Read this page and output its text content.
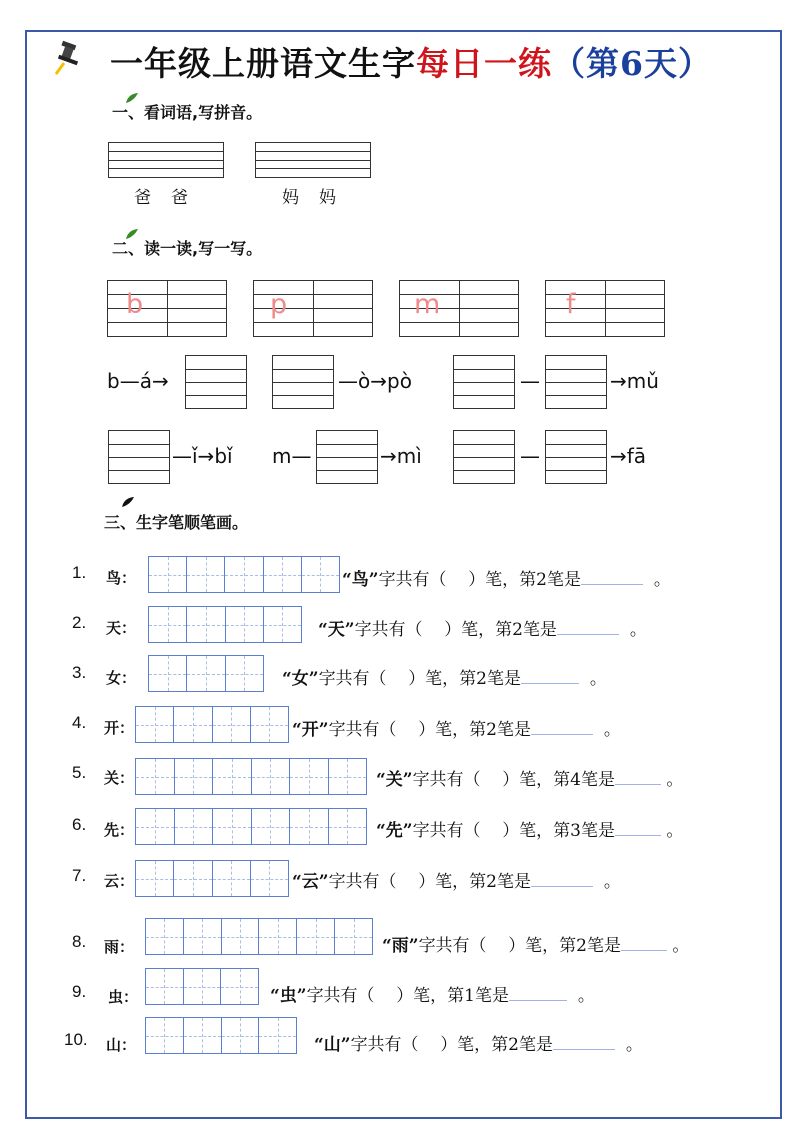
一年级上册语文生字每日一练（第6天）
一、看词语,写拼音。
爸爸	妈妈
二、读一读,写一写。
b	p	m	f
b—á→	—ò→pò	—	→mǔ
—ǐ→bǐ m—	→mì	—	→fā
三、生字笔顺笔画。
1. 鸟：	“鸟”字共有（ ）笔，第2笔是	。
2. 天：	“天”字共有（ ）笔，第2笔是	。
3. 女：	“女”字共有（ ）笔，第2笔是	。
4. 开：	“开”字共有（ ）笔，第2笔是	。
5. 关：	“关”字共有（ ）笔，第4笔是	。
6. 先：	“先”字共有（ ）笔，第3笔是	。
7. 云：	“云”字共有（ ）笔，第2笔是	。
8. 雨：	“雨”字共有（ ）笔，第2笔是	。
9. 虫：	“虫”字共有（ ）笔，第1笔是	。
10. 山：	“山”字共有（ ）笔，第2笔是	。
